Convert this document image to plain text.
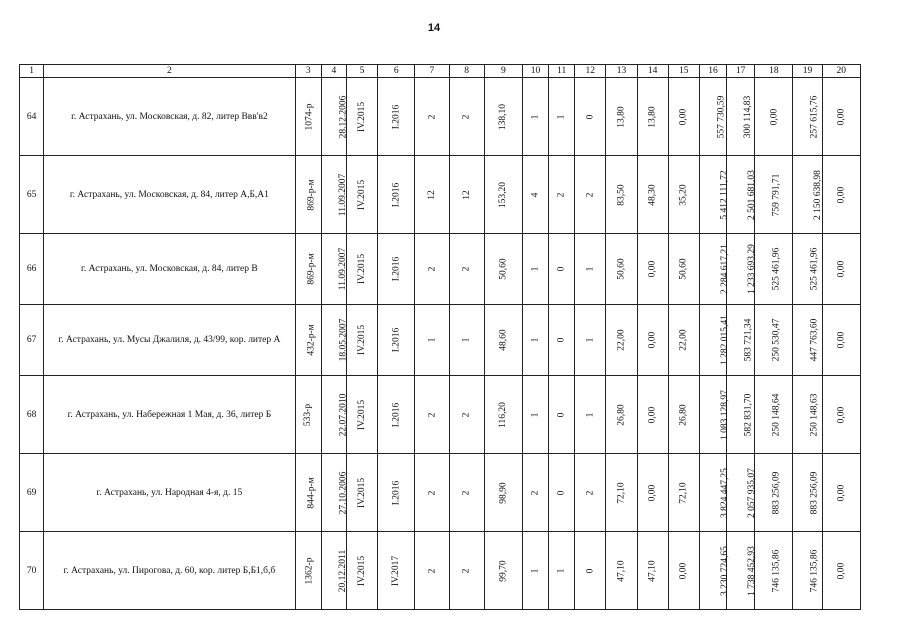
14
1	2	3	4	5	6	7	8	9	10	11	12	13	14	15	16	17	18	19	20
64	г. Астрахань, ул. Московская, д. 82, литер Ввв'в2	1074-р	28.12.2006	IV.2015	I.2016	2	2	138,10	1	1	0	13,80	13,80	0,00	557 730,59	300 114,83	0,00	257 615,76	0,00
65	г. Астрахань, ул. Московская, д. 84, литер А,Б,А1	869-р-м	11.09.2007	IV.2015	I.2016	12	12	153,20	4	2	2	83,50	48,30	35,20	5 412 111,72	2 501 681,03	759 791,71	2 150 638,98	0,00
66	г. Астрахань, ул. Московская, д. 84, литер В	869-р-м	11.09.2007	IV.2015	I.2016	2	2	50,60	1	0	1	50,60	0,00	50,60	2 284 617,21	1 233 693,29	525 461,96	525 461,96	0,00
67	г. Астрахань, ул. Мусы Джалиля, д. 43/99, кор. литер А	432-р-м	18.05.2007	IV.2015	I.2016	1	1	48,60	1	0	1	22,00	0,00	22,00	1 282 015,41	583 721,34	250 530,47	447 763,60	0,00
68	г. Астрахань, ул. Набережная 1 Мая, д. 36, литер Б	533-р	22.07.2010	IV.2015	I.2016	2	2	116,20	1	0	1	26,80	0,00	26,80	1 083 128,97	582 831,70	250 148,64	250 148,63	0,00
69	г. Астрахань, ул. Народная 4-я, д. 15	844-р-м	27.10.2006	IV.2015	I.2016	2	2	98,90	2	0	2	72,10	0,00	72,10	3 824 447,25	2 057 935,07	883 256,09	883 256,09	0,00
70	г. Астрахань, ул. Пирогова, д. 60, кор. литер Б,Б1,б,б	1362-р	20.12.2011	IV.2015	IV.2017	2	2	99,70	1	1	0	47,10	47,10	0,00	3 230 724,65	1 738 452,93	746 135,86	746 135,86	0,00
